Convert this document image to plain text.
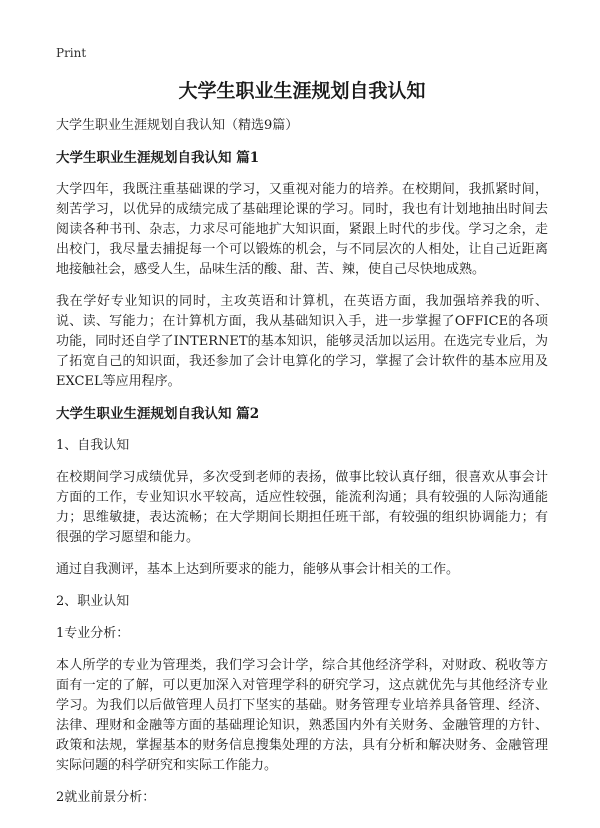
Print
大学生职业生涯规划自我认知

大学生职业生涯规划自我认知（精选9篇）

大学生职业生涯规划自我认知 篇1

大学四年，我既注重基础课的学习，又重视对能力的培养。在校期间，我抓紧时间，刻苦学习，以优异的成绩完成了基础理论课的学习。同时，我也有计划地抽出时间去阅读各种书刊、杂志，力求尽可能地扩大知识面，紧跟上时代的步伐。学习之余，走出校门，我尽量去捕捉每一个可以锻炼的机会，与不同层次的人相处，让自己近距离地接触社会，感受人生，品味生活的酸、甜、苦、辣，使自己尽快地成熟。

我在学好专业知识的同时，主攻英语和计算机，在英语方面，我加强培养我的听、说、读、写能力；在计算机方面，我从基础知识入手，进一步掌握了OFFICE的各项功能，同时还自学了INTERNET的基本知识，能够灵活加以运用。在选完专业后，为了拓宽自己的知识面，我还参加了会计电算化的学习，掌握了会计软件的基本应用及EXCEL等应用程序。

大学生职业生涯规划自我认知 篇2

1、自我认知

在校期间学习成绩优异，多次受到老师的表扬，做事比较认真仔细，很喜欢从事会计方面的工作，专业知识水平较高，适应性较强，能流利沟通；具有较强的人际沟通能力；思维敏捷，表达流畅；在大学期间长期担任班干部，有较强的组织协调能力；有很强的学习愿望和能力。

通过自我测评，基本上达到所要求的能力，能够从事会计相关的工作。

2、职业认知

1专业分析：

本人所学的专业为管理类，我们学习会计学，综合其他经济学科，对财政、税收等方面有一定的了解，可以更加深入对管理学科的研究学习，这点就优先与其他经济专业学习。为我们以后做管理人员打下坚实的基础。财务管理专业培养具备管理、经济、法律、理财和金融等方面的基础理论知识，熟悉国内外有关财务、金融管理的方针、政策和法规，掌握基本的财务信息搜集处理的方法，具有分析和解决财务、金融管理实际问题的科学研究和实际工作能力。

2就业前景分析：
